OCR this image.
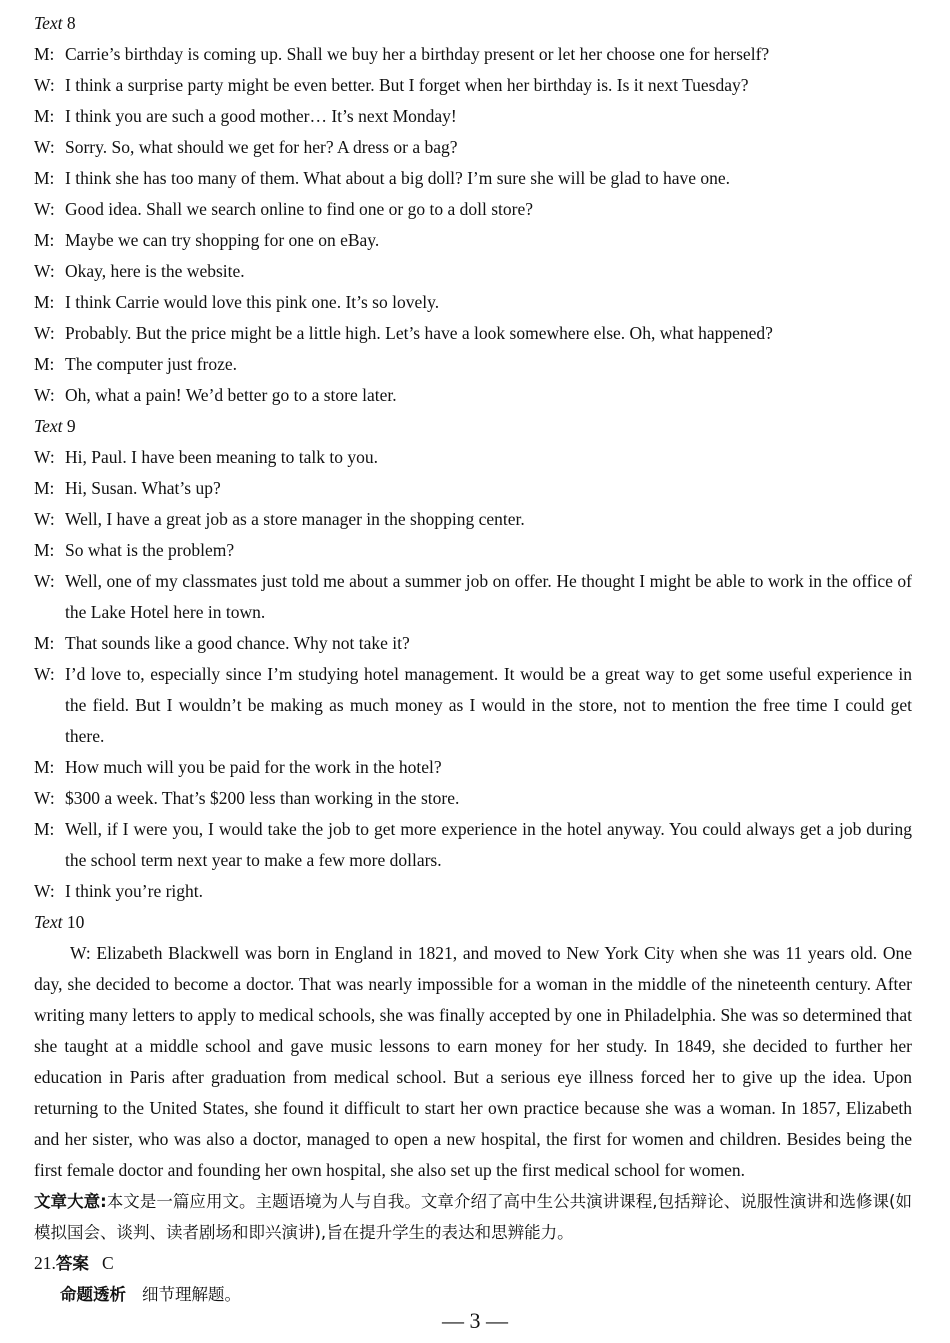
Text 8
M: Carrie’s birthday is coming up. Shall we buy her a birthday present or let her choose one for herself?
W: I think a surprise party might be even better. But I forget when her birthday is. Is it next Tuesday?
M: I think you are such a good mother… It’s next Monday!
W: Sorry. So, what should we get for her? A dress or a bag?
M: I think she has too many of them. What about a big doll? I’m sure she will be glad to have one.
W: Good idea. Shall we search online to find one or go to a doll store?
M: Maybe we can try shopping for one on eBay.
W: Okay, here is the website.
M: I think Carrie would love this pink one. It’s so lovely.
W: Probably. But the price might be a little high. Let’s have a look somewhere else. Oh, what happened?
M: The computer just froze.
W: Oh, what a pain! We’d better go to a store later.
Text 9
W: Hi, Paul. I have been meaning to talk to you.
M: Hi, Susan. What’s up?
W: Well, I have a great job as a store manager in the shopping center.
M: So what is the problem?
W: Well, one of my classmates just told me about a summer job on offer. He thought I might be able to work in the office of the Lake Hotel here in town.
M: That sounds like a good chance. Why not take it?
W: I’d love to, especially since I’m studying hotel management. It would be a great way to get some useful experience in the field. But I wouldn’t be making as much money as I would in the store, not to mention the free time I could get there.
M: How much will you be paid for the work in the hotel?
W: $300 a week. That’s $200 less than working in the store.
M: Well, if I were you, I would take the job to get more experience in the hotel anyway. You could always get a job during the school term next year to make a few more dollars.
W: I think you’re right.
Text 10
W: Elizabeth Blackwell was born in England in 1821, and moved to New York City when she was 11 years old. One day, she decided to become a doctor. That was nearly impossible for a woman in the middle of the nineteenth century. After writing many letters to apply to medical schools, she was finally accepted by one in Philadelphia. She was so determined that she taught at a middle school and gave music lessons to earn money for her study. In 1849, she decided to further her education in Paris after graduation from medical school. But a serious eye illness forced her to give up the idea. Upon returning to the United States, she found it difficult to start her own practice because she was a woman. In 1857, Elizabeth and her sister, who was also a doctor, managed to open a new hospital, the first for women and children. Besides being the first female doctor and founding her own hospital, she also set up the first medical school for women.
文章大意:本文是一篇应用文。主题语境为人与自我。文章介绍了高中生公共演讲课程,包括辩论、说服性演讲和选修课(如模拟国会、谈判、读者剧场和即兴演讲),旨在提升学生的表达和思辨能力。
21.答案 C
命题透析 细节理解题。
— 3 —
